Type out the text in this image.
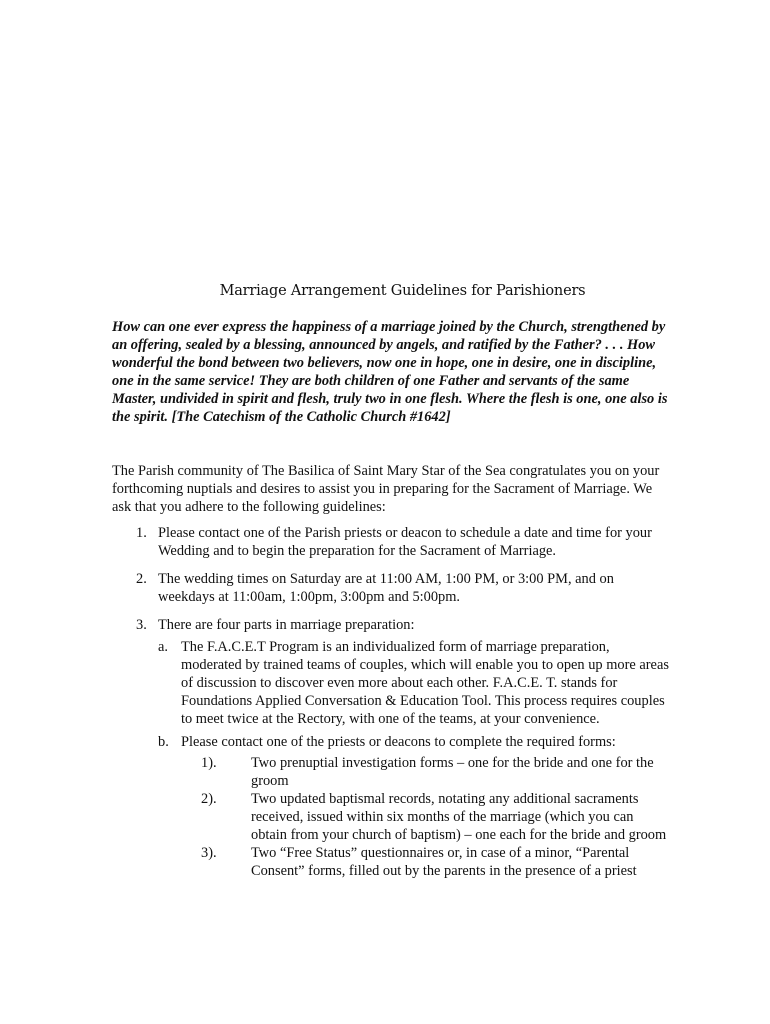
Marriage Arrangement Guidelines for Parishioners

How can one ever express the happiness of a marriage joined by the Church, strengthened by an offering, sealed by a blessing, announced by angels, and ratified by the Father? . . . How wonderful the bond between two believers, now one in hope, one in desire, one in discipline, one in the same service! They are both children of one Father and servants of the same Master, undivided in spirit and flesh, truly two in one flesh. Where the flesh is one, one also is the spirit. [The Catechism of the Catholic Church #1642]

The Parish community of The Basilica of Saint Mary Star of the Sea congratulates you on your forthcoming nuptials and desires to assist you in preparing for the Sacrament of Marriage. We ask that you adhere to the following guidelines:

1. Please contact one of the Parish priests or deacon to schedule a date and time for your Wedding and to begin the preparation for the Sacrament of Marriage.
2. The wedding times on Saturday are at 11:00 AM, 1:00 PM, or 3:00 PM, and on weekdays at 11:00am, 1:00pm, 3:00pm and 5:00pm.
3. There are four parts in marriage preparation:
a. The F.A.C.E.T Program is an individualized form of marriage preparation, moderated by trained teams of couples, which will enable you to open up more areas of discussion to discover even more about each other. F.A.C.E. T. stands for Foundations Applied Conversation & Education Tool. This process requires couples to meet twice at the Rectory, with one of the teams, at your convenience.
b. Please contact one of the priests or deacons to complete the required forms:
1). Two prenuptial investigation forms – one for the bride and one for the groom
2). Two updated baptismal records, notating any additional sacraments received, issued within six months of the marriage (which you can obtain from your church of baptism) – one each for the bride and groom
3). Two “Free Status” questionnaires or, in case of a minor, “Parental Consent” forms, filled out by the parents in the presence of a priest
